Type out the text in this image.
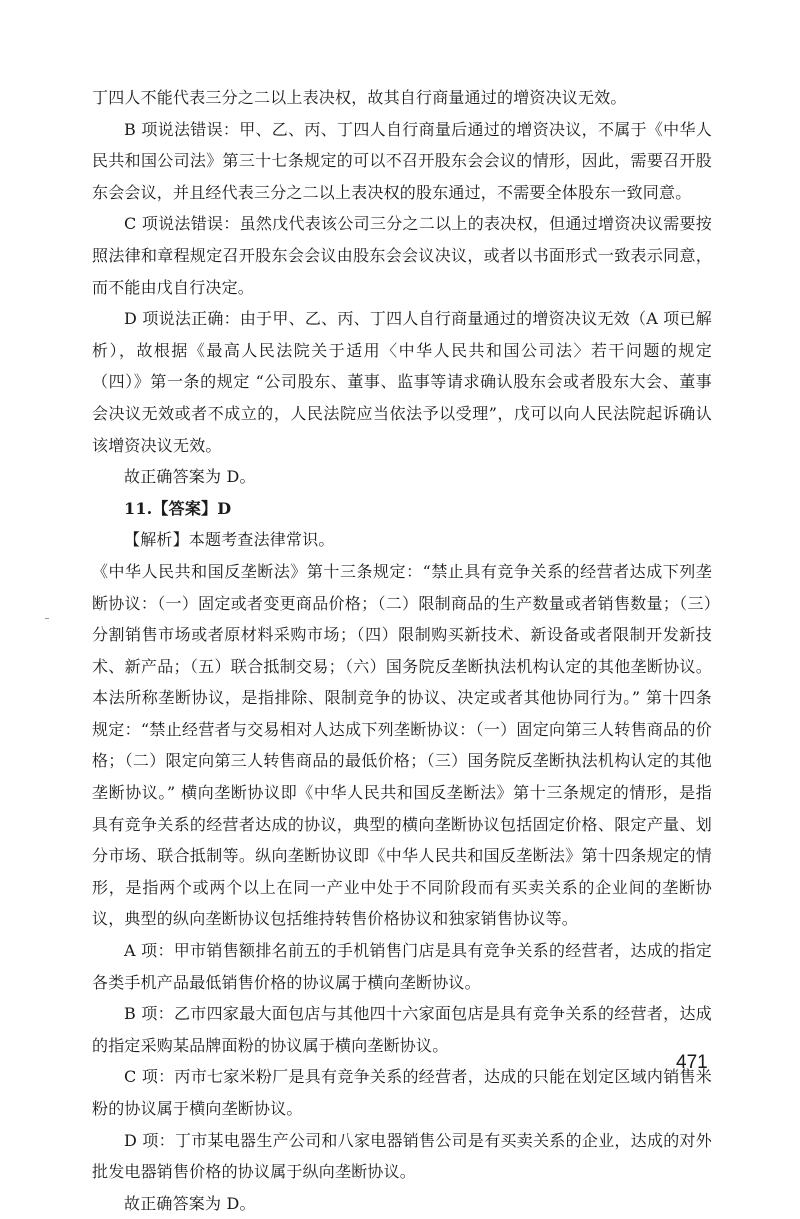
丁四人不能代表三分之二以上表决权，故其自行商量通过的增资决议无效。

B 项说法错误：甲、乙、丙、丁四人自行商量后通过的增资决议，不属于《中华人民共和国公司法》第三十七条规定的可以不召开股东会会议的情形，因此，需要召开股东会会议，并且经代表三分之二以上表决权的股东通过，不需要全体股东一致同意。

C 项说法错误：虽然戊代表该公司三分之二以上的表决权，但通过增资决议需要按照法律和章程规定召开股东会会议由股东会会议决议，或者以书面形式一致表示同意，而不能由戊自行决定。

D 项说法正确：由于甲、乙、丙、丁四人自行商量通过的增资决议无效（A 项已解析），故根据《最高人民法院关于适用〈中华人民共和国公司法〉若干问题的规定（四）》第一条的规定 “公司股东、董事、监事等请求确认股东会或者股东大会、董事会决议无效或者不成立的，人民法院应当依法予以受理”，戊可以向人民法院起诉确认该增资决议无效。

故正确答案为 D。

11.【答案】D

【解析】本题考查法律常识。

《中华人民共和国反垄断法》第十三条规定：“禁止具有竞争关系的经营者达成下列垄断协议：（一）固定或者变更商品价格；（二）限制商品的生产数量或者销售数量；（三）分割销售市场或者原材料采购市场；（四）限制购买新技术、新设备或者限制开发新技术、新产品；（五）联合抵制交易；（六）国务院反垄断执法机构认定的其他垄断协议。本法所称垄断协议，是指排除、限制竞争的协议、决定或者其他协同行为。” 第十四条规定：“禁止经营者与交易相对人达成下列垄断协议：（一）固定向第三人转售商品的价格；（二）限定向第三人转售商品的最低价格；（三）国务院反垄断执法机构认定的其他垄断协议。” 横向垄断协议即《中华人民共和国反垄断法》第十三条规定的情形，是指具有竞争关系的经营者达成的协议，典型的横向垄断协议包括固定价格、限定产量、划分市场、联合抵制等。纵向垄断协议即《中华人民共和国反垄断法》第十四条规定的情形，是指两个或两个以上在同一产业中处于不同阶段而有买卖关系的企业间的垄断协议，典型的纵向垄断协议包括维持转售价格协议和独家销售协议等。

A 项：甲市销售额排名前五的手机销售门店是具有竞争关系的经营者，达成的指定各类手机产品最低销售价格的协议属于横向垄断协议。

B 项：乙市四家最大面包店与其他四十六家面包店是具有竞争关系的经营者，达成的指定采购某品牌面粉的协议属于横向垄断协议。

C 项：丙市七家米粉厂是具有竞争关系的经营者，达成的只能在划定区域内销售米粉的协议属于横向垄断协议。

D 项：丁市某电器生产公司和八家电器销售公司是有买卖关系的企业，达成的对外批发电器销售价格的协议属于纵向垄断协议。

故正确答案为 D。

471
